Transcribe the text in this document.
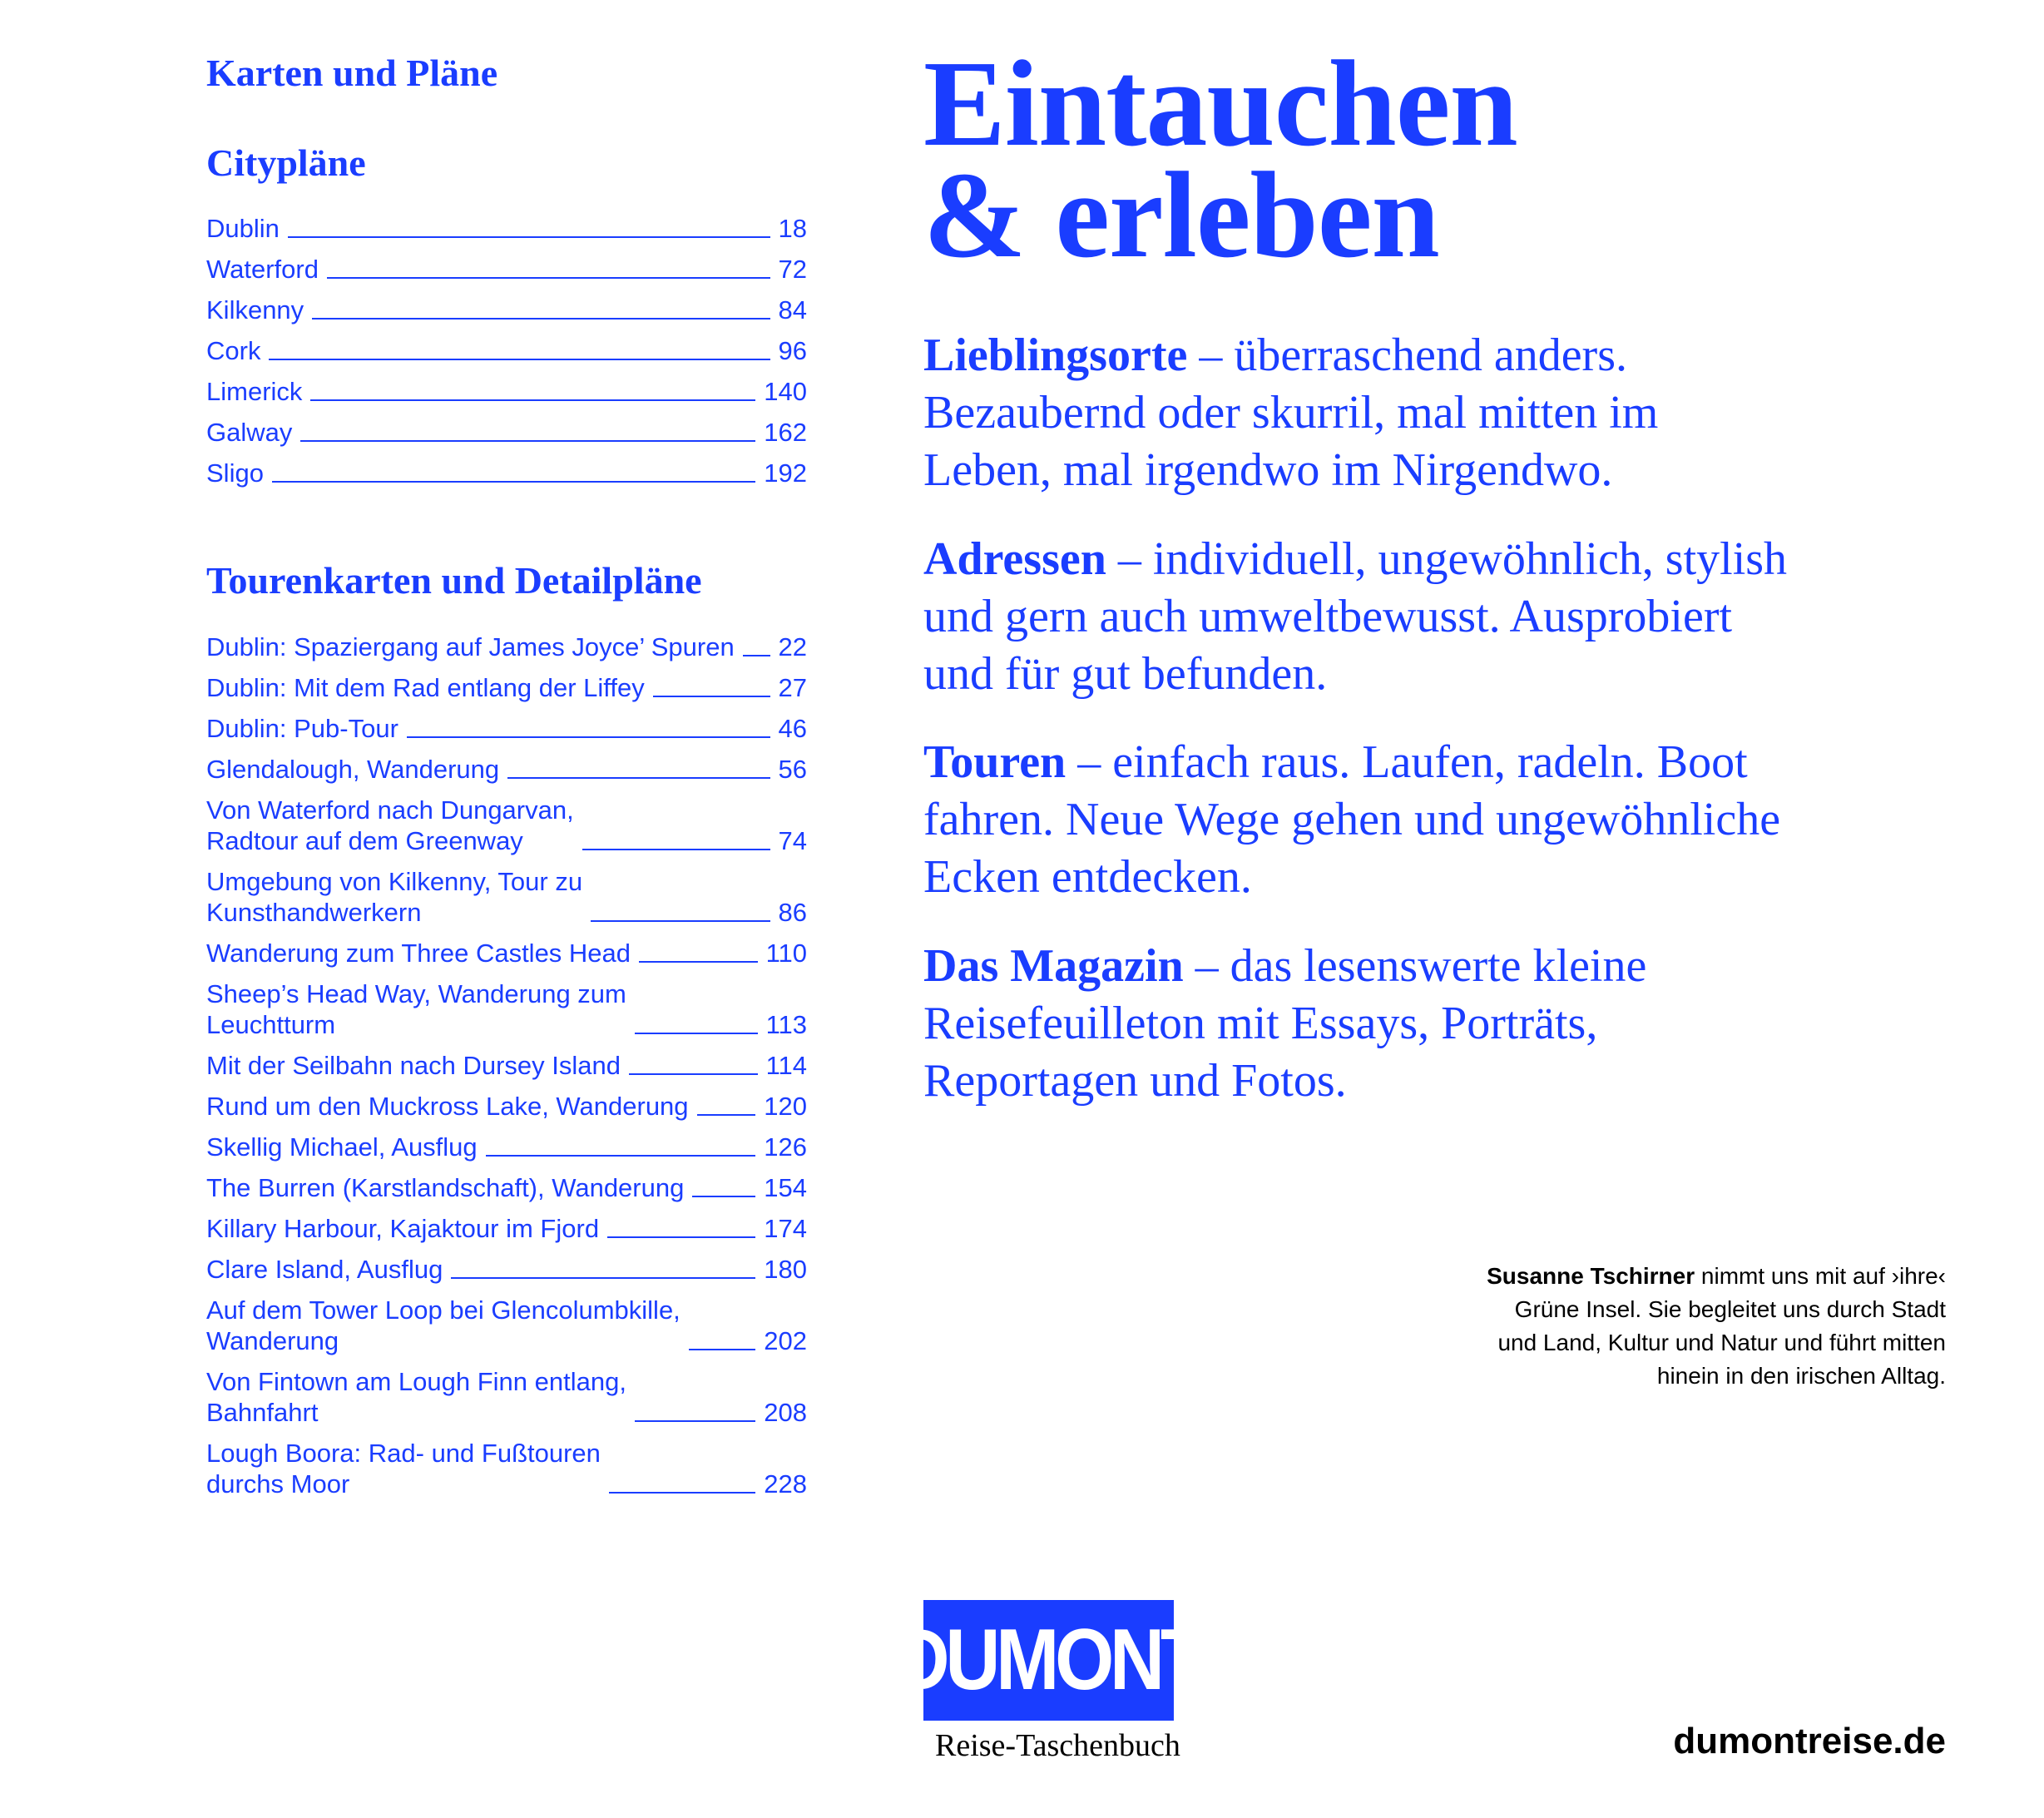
Karten und Pläne
Citypläne
Dublin	18
Waterford	72
Kilkenny	84
Cork	96
Limerick	140
Galway	162
Sligo	192
Tourenkarten und Detailpläne
Dublin: Spaziergang auf James Joyce’ Spuren 22
Dublin: Mit dem Rad entlang der Liffey	27
Dublin: Pub-Tour	46
Glendalough, Wanderung	56
Von Waterford nach Dungarvan,
Radtour auf dem Greenway	74
Umgebung von Kilkenny, Tour zu
Kunsthandwerkern	86
Wanderung zum Three Castles Head	110
Sheep’s Head Way, Wanderung zum
Leuchtturm	113
Mit der Seilbahn nach Dursey Island	114
Rund um den Muckross Lake, Wanderung	120
Skellig Michael, Ausflug	126
The Burren (Karstlandschaft), Wanderung	154
Killary Harbour, Kajaktour im Fjord	174
Clare Island, Ausflug	180
Auf dem Tower Loop bei Glencolumbkille,
Wanderung	202
Von Fintown am Lough Finn entlang,
Bahnfahrt	208
Lough Boora: Rad- und Fußtouren
durchs Moor	228
Eintauchen
& erleben

Lieblingsorte – überraschend anders. Bezaubernd oder skurril, mal mitten im Leben, mal irgendwo im Nirgendwo.

Adressen – individuell, ungewöhnlich, stylish und gern auch umweltbewusst. Ausprobiert und für gut befunden.

Touren – einfach raus. Laufen, radeln. Boot fahren. Neue Wege gehen und ungewöhnliche Ecken entdecken.

Das Magazin – das lesenswerte kleine Reisefeuilleton mit Essays, Porträts, Reportagen und Fotos.

Susanne Tschirner nimmt uns mit auf ›ihre‹ Grüne Insel. Sie begleitet uns durch Stadt und Land, Kultur und Natur und führt mitten hinein in den irischen Alltag.
DUMONT
Reise-Taschenbuch	dumontreise.de
